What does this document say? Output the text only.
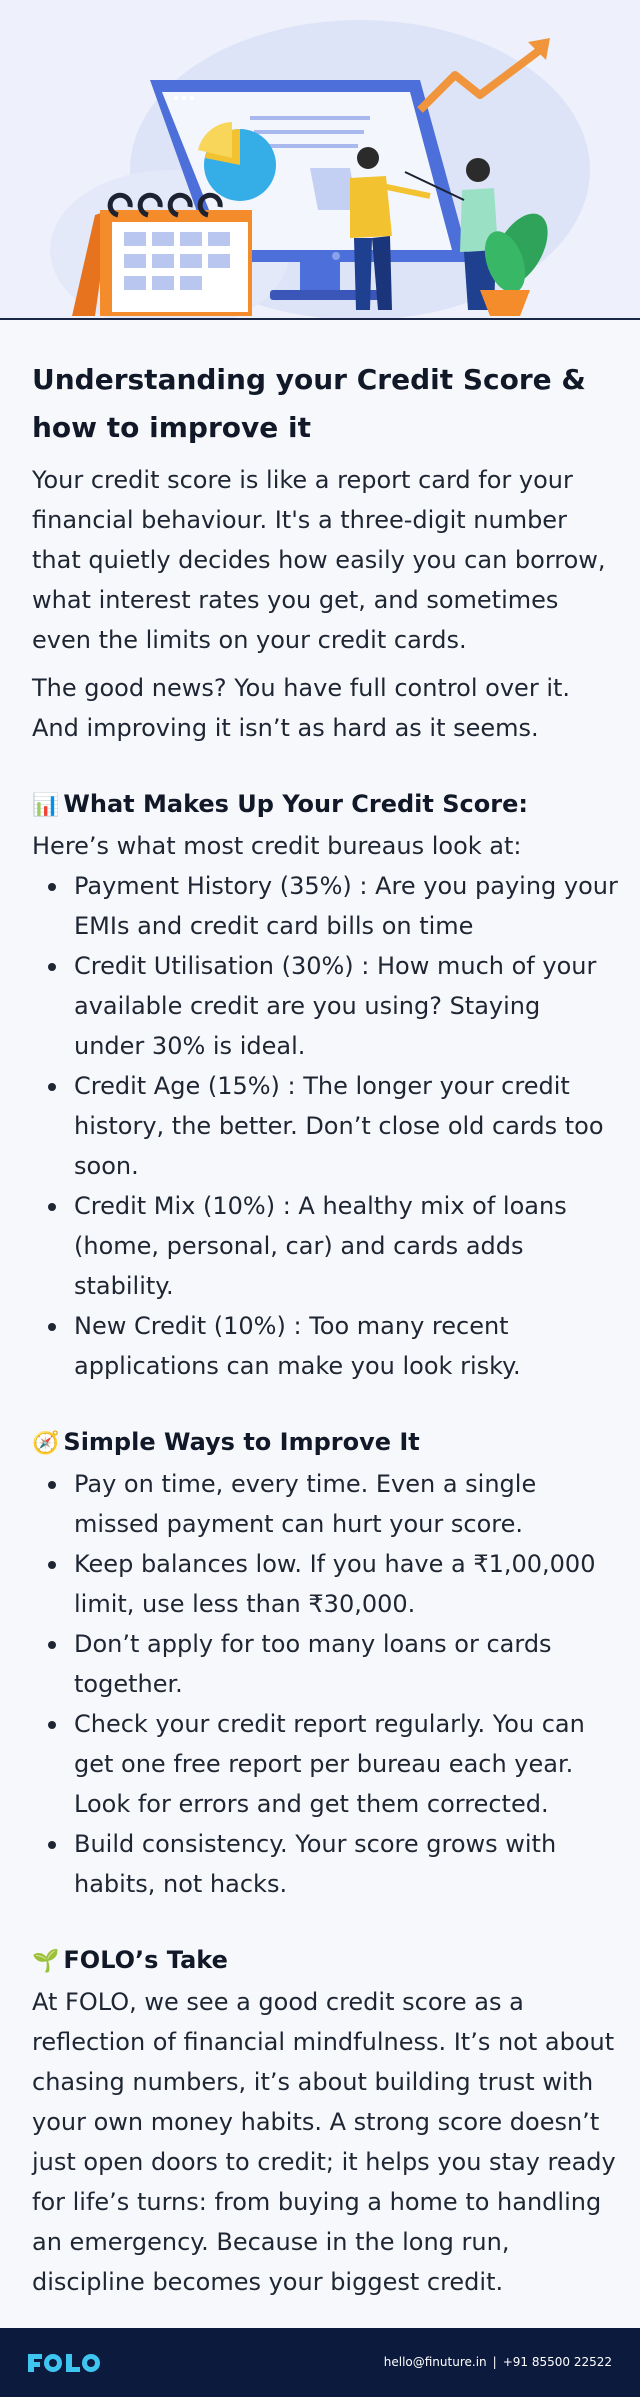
Understanding your Credit Score & how to improve it

Your credit score is like a report card for your financial behaviour. It's a three-digit number that quietly decides how easily you can borrow, what interest rates you get, and sometimes even the limits on your credit cards.

The good news? You have full control over it. And improving it isn’t as hard as it seems.

📊 What Makes Up Your Credit Score:

Here’s what most credit bureaus look at:

Payment History (35%) : Are you paying your EMIs and credit card bills on time
Credit Utilisation (30%) : How much of your available credit are you using? Staying under 30% is ideal.
Credit Age (15%) : The longer your credit history, the better. Don’t close old cards too soon.
Credit Mix (10%) : A healthy mix of loans (home, personal, car) and cards adds stability.
New Credit (10%) : Too many recent applications can make you look risky.
🧭 Simple Ways to Improve It
Pay on time, every time. Even a single missed payment can hurt your score.
Keep balances low. If you have a ₹1,00,000 limit, use less than ₹30,000.
Don’t apply for too many loans or cards together.
Check your credit report regularly. You can get one free report per bureau each year. Look for errors and get them corrected.
Build consistency. Your score grows with habits, not hacks.
🌱 FOLO’s Take

At FOLO, we see a good credit score as a reflection of financial mindfulness. It’s not about chasing numbers, it’s about building trust with your own money habits. A strong score doesn’t just open doors to credit; it helps you stay ready for life’s turns: from buying a home to handling an emergency. Because in the long run, discipline becomes your biggest credit.

FOLO
hello@finuture.in | +91 85500 22522
